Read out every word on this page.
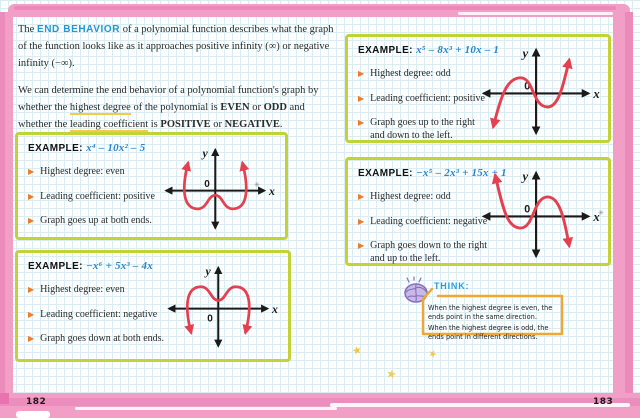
182	183

The END BEHAVIOR of a polynomial function describes what the graph of the function looks like as it approaches positive infinity (∞) or negative infinity (−∞).

We can determine the end behavior of a polynomial function's graph by whether the highest degree of the polynomial is EVEN or ODD and whether the leading coefficient is POSITIVE or NEGATIVE.

EXAMPLE: x⁴ – 10x² – 5
▶ Highest degree: even
▶ Leading coefficient: positive
▶ Graph goes up at both ends.
y
x
0
EXAMPLE: −x⁶ + 5x³ – 4x
▶ Highest degree: even
▶ Leading coefficient: negative
▶ Graph goes down at both ends.
y
x
0
EXAMPLE: x⁵ – 8x³ + 10x – 1
▶ Highest degree: odd
▶ Leading coefficient: positive
▶ Graph goes up to the right and down to the left.
y
x
0
EXAMPLE: −x⁵ – 2x³ + 15x + 1
▶ Highest degree: odd
▶ Leading coefficient: negative
▶ Graph goes down to the right and up to the left.
y
x
0
THINK:

When the highest degree is even, the ends point in the same direction.

When the highest degree is odd, the ends point in different directions.

★
★
★
✳
✳
